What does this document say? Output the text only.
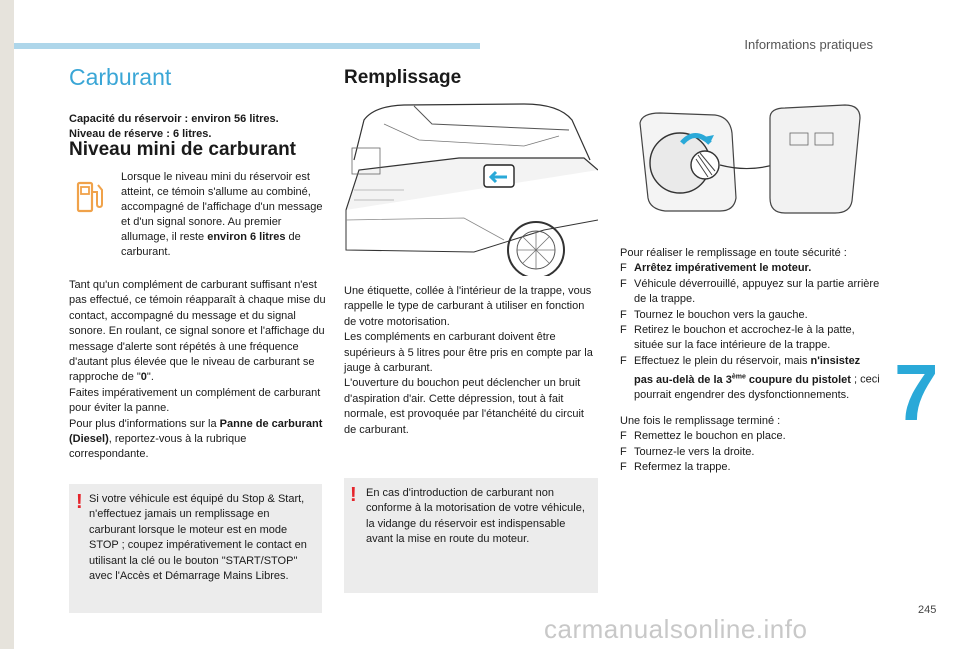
Informations pratiques
7
245
carmanualsonline.info
Carburant
Capacité du réservoir : environ 56 litres.
Niveau de réserve : 6 litres.
Niveau mini de carburant
Lorsque le niveau mini du réservoir est atteint, ce témoin s'allume au combiné, accompagné de l'affichage d'un message et d'un signal sonore. Au premier allumage, il reste environ 6 litres de carburant.
Tant qu'un complément de carburant suffisant n'est pas effectué, ce témoin réapparaît à chaque mise du contact, accompagné du message et du signal sonore. En roulant, ce signal sonore et l'affichage du message d'alerte sont répétés à une fréquence d'autant plus élevée que le niveau de carburant se rapproche de "0".
Faites impérativement un complément de carburant pour éviter la panne.
Pour plus d'informations sur la Panne de carburant (Diesel), reportez-vous à la rubrique correspondante.
! Si votre véhicule est équipé du Stop & Start, n'effectuez jamais un remplissage en carburant lorsque le moteur est en mode STOP ; coupez impérativement le contact en utilisant la clé ou le bouton "START/STOP" avec l'Accès et Démarrage Mains Libres.
Remplissage
Une étiquette, collée à l'intérieur de la trappe, vous rappelle le type de carburant à utiliser en fonction de votre motorisation.
Les compléments en carburant doivent être supérieurs à 5 litres pour être pris en compte par la jauge à carburant.
L'ouverture du bouchon peut déclencher un bruit d'aspiration d'air. Cette dépression, tout à fait normale, est provoquée par l'étanchéité du circuit de carburant.
! En cas d'introduction de carburant non conforme à la motorisation de votre véhicule, la vidange du réservoir est indispensable avant la mise en route du moteur.

Pour réaliser le remplissage en toute sécurité :

F Arrêtez impérativement le moteur.
F Véhicule déverrouillé, appuyez sur la partie arrière de la trappe.
F Tournez le bouchon vers la gauche.
F Retirez le bouchon et accrochez-le à la patte, située sur la face intérieure de la trappe.
F Effectuez le plein du réservoir, mais n'insistez pas au-delà de la 3ème coupure du pistolet ; ceci pourrait engendrer des dysfonctionnements.

Une fois le remplissage terminé :

F Remettez le bouchon en place.
F Tournez-le vers la droite.
F Refermez la trappe.
